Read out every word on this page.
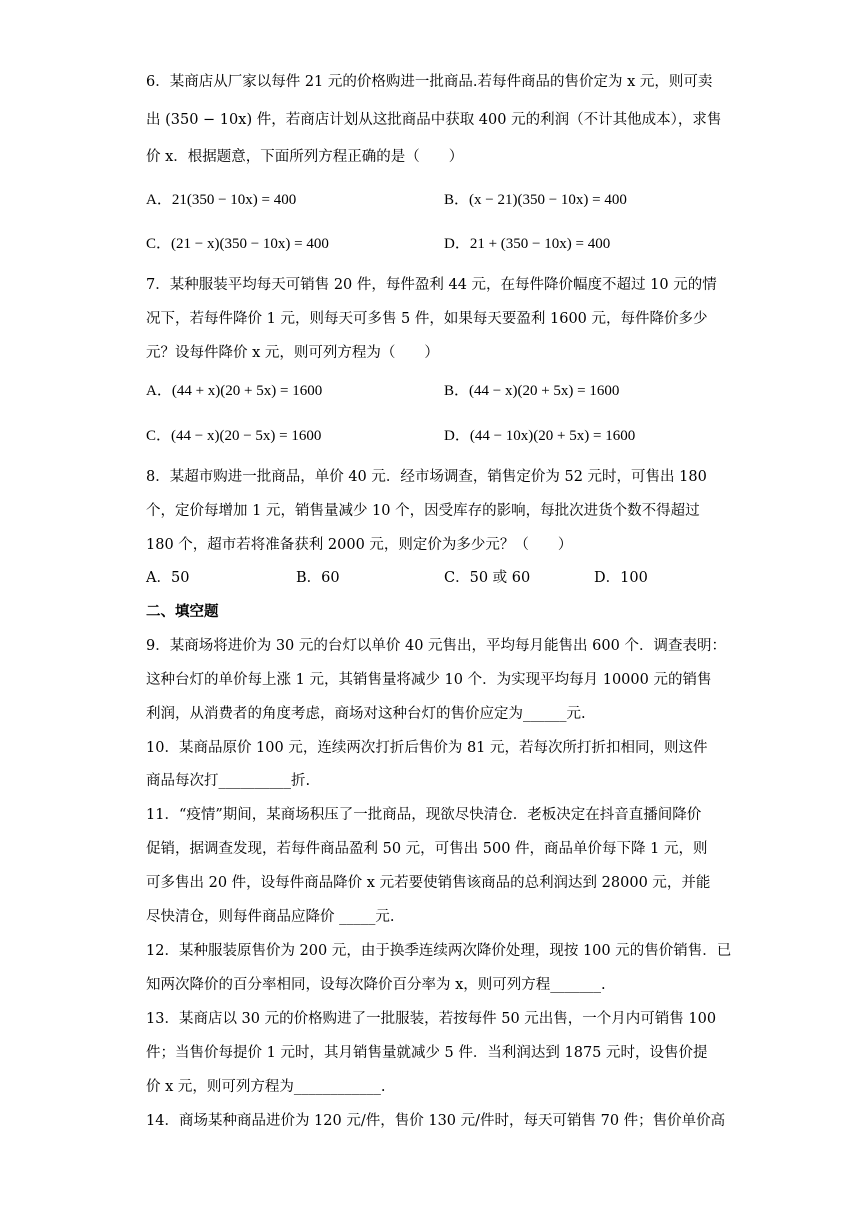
6．某商店从厂家以每件 21 元的价格购进一批商品.若每件商品的售价定为 x 元，则可卖
出 (350 − 10x) 件，若商店计划从这批商品中获取 400 元的利润（不计其他成本），求售
价 x．根据题意，下面所列方程正确的是（　　）
A．21(350 − 10x) = 400	B．(x − 21)(350 − 10x) = 400
C．(21 − x)(350 − 10x) = 400	D．21 + (350 − 10x) = 400
7．某种服装平均每天可销售 20 件，每件盈利 44 元，在每件降价幅度不超过 10 元的情
况下，若每件降价 1 元，则每天可多售 5 件，如果每天要盈利 1600 元，每件降价多少
元？设每件降价 x 元，则可列方程为（　　）
A．(44 + x)(20 + 5x) = 1600	B．(44 − x)(20 + 5x) = 1600
C．(44 − x)(20 − 5x) = 1600	D．(44 − 10x)(20 + 5x) = 1600
8．某超市购进一批商品，单价 40 元．经市场调查，销售定价为 52 元时，可售出 180
个，定价每增加 1 元，销售量减少 10 个，因受库存的影响，每批次进货个数不得超过
180 个，超市若将准备获利 2000 元，则定价为多少元？（　　）
A．50	B．60	C．50 或 60	D．100
二、填空题
9．某商场将进价为 30 元的台灯以单价 40 元售出，平均每月能售出 600 个．调查表明：
这种台灯的单价每上涨 1 元，其销售量将减少 10 个．为实现平均每月 10000 元的销售
利润，从消费者的角度考虑，商场对这种台灯的售价应定为______元.
10．某商品原价 100 元，连续两次打折后售价为 81 元，若每次所打折扣相同，则这件
商品每次打__________折.
11．“疫情”期间，某商场积压了一批商品，现欲尽快清仓．老板决定在抖音直播间降价
促销，据调查发现，若每件商品盈利 50 元，可售出 500 件，商品单价每下降 1 元，则
可多售出 20 件，设每件商品降价 x 元若要使销售该商品的总利润达到 28000 元，并能
尽快清仓，则每件商品应降价 _____元.
12．某种服装原售价为 200 元，由于换季连续两次降价处理，现按 100 元的售价销售．已
知两次降价的百分率相同，设每次降价百分率为 x，则可列方程_______.
13．某商店以 30 元的价格购进了一批服装，若按每件 50 元出售，一个月内可销售 100
件；当售价每提价 1 元时，其月销售量就减少 5 件．当利润达到 1875 元时，设售价提
价 x 元，则可列方程为____________.
14．商场某种商品进价为 120 元/件，售价 130 元/件时，每天可销售 70 件；售价单价高
